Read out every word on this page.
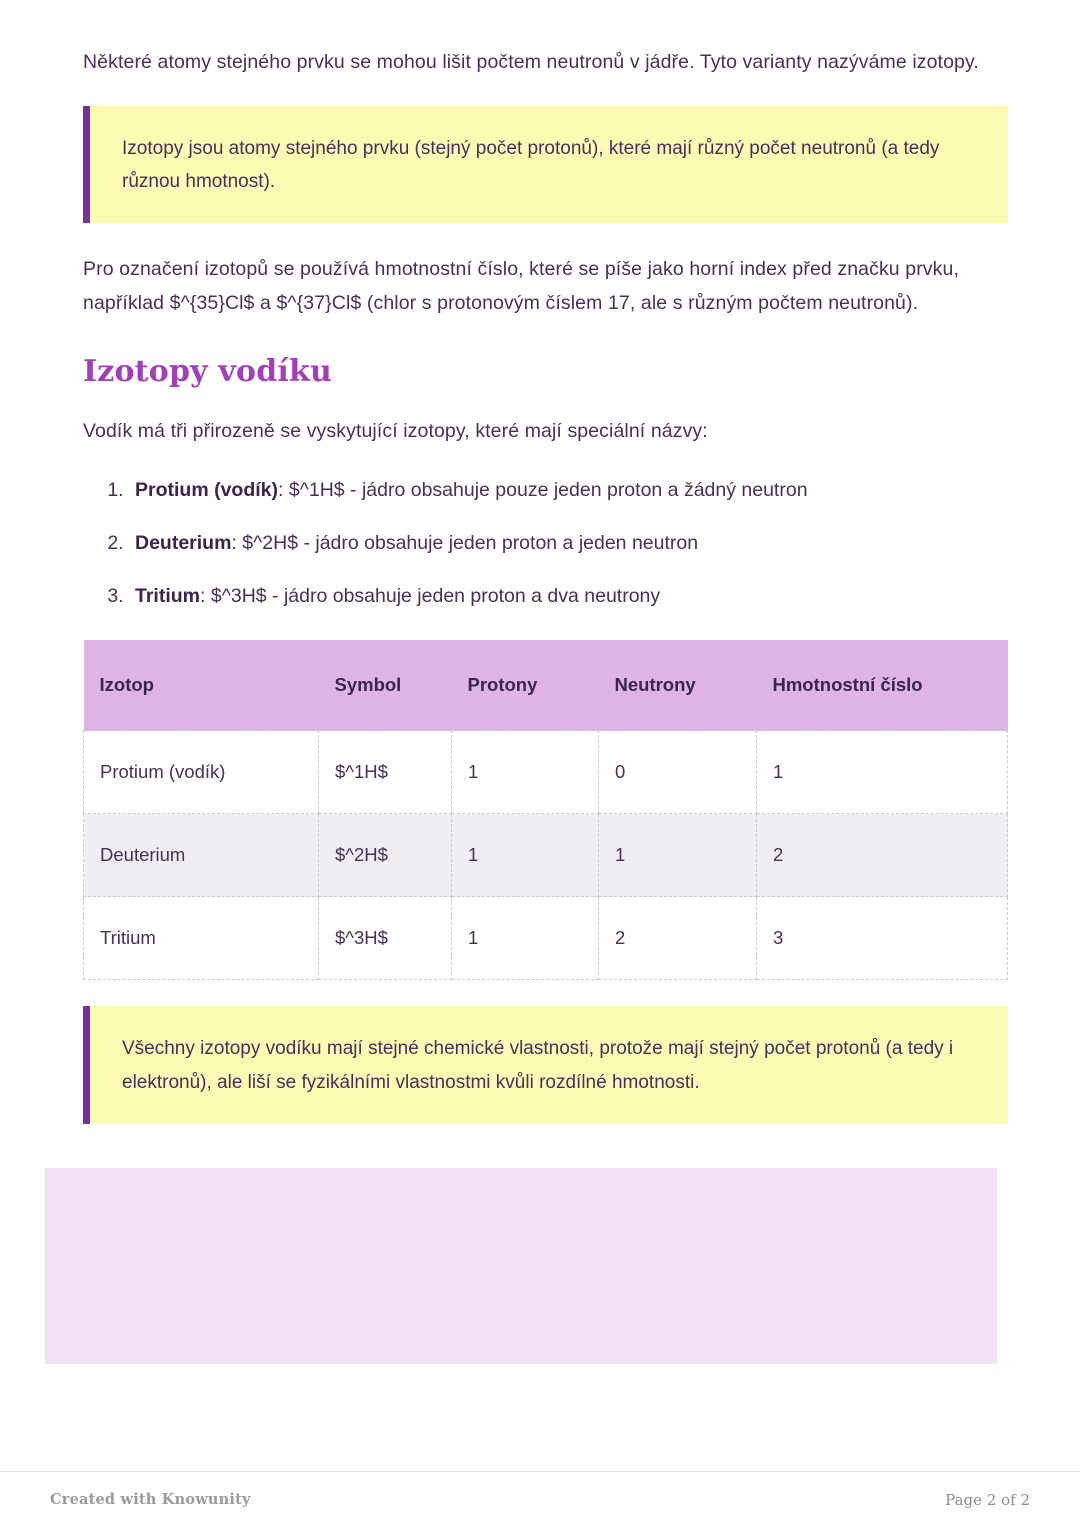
Některé atomy stejného prvku se mohou lišit počtem neutronů v jádře. Tyto varianty nazýváme izotopy.

Izotopy jsou atomy stejného prvku (stejný počet protonů), které mají různý počet neutronů (a tedy různou hmotnost).

Pro označení izotopů se používá hmotnostní číslo, které se píše jako horní index před značku prvku, například $^{35}Cl$ a $^{37}Cl$ (chlor s protonovým číslem 17, ale s různým počtem neutronů).

Izotopy vodíku

Vodík má tři přirozeně se vyskytující izotopy, které mají speciální názvy:

1. Protium (vodík): $^1H$ - jádro obsahuje pouze jeden proton a žádný neutron
2. Deuterium: $^2H$ - jádro obsahuje jeden proton a jeden neutron
3. Tritium: $^3H$ - jádro obsahuje jeden proton a dva neutrony
Izotop	Symbol	Protony	Neutrony	Hmotnostní číslo
Protium (vodík)	$^1H$	1	0	1
Deuterium	$^2H$	1	1	2
Tritium	$^3H$	1	2	3

Všechny izotopy vodíku mají stejné chemické vlastnosti, protože mají stejný počet protonů (a tedy i elektronů), ale liší se fyzikálními vlastnostmi kvůli rozdílné hmotnosti.

Created with Knowunity	Page 2 of 2
